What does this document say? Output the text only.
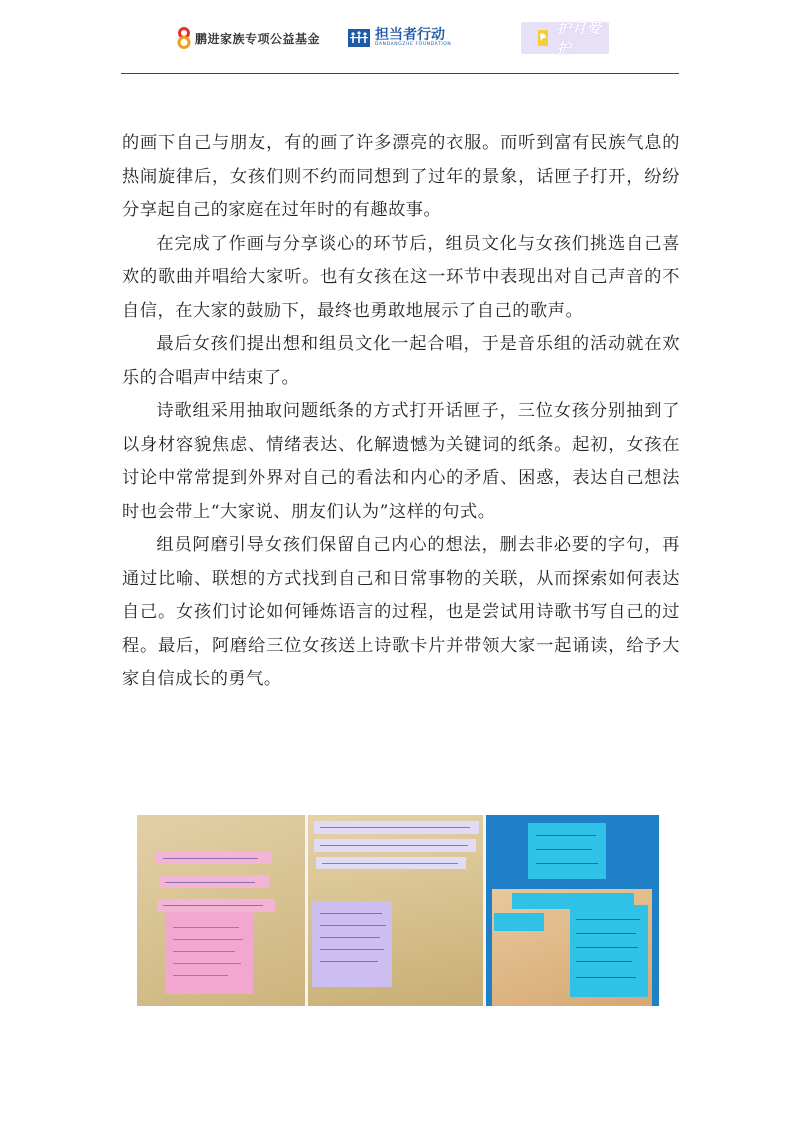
鹏进家族专项公益基金	担当者行动
DANDANGZHE FOUNDATION
护月爱护

的画下自己与朋友，有的画了许多漂亮的衣服。而听到富有民族气息的热闹旋律后，女孩们则不约而同想到了过年的景象，话匣子打开，纷纷分享起自己的家庭在过年时的有趣故事。

在完成了作画与分享谈心的环节后，组员文化与女孩们挑选自己喜欢的歌曲并唱给大家听。也有女孩在这一环节中表现出对自己声音的不自信，在大家的鼓励下，最终也勇敢地展示了自己的歌声。

最后女孩们提出想和组员文化一起合唱，于是音乐组的活动就在欢乐的合唱声中结束了。

诗歌组采用抽取问题纸条的方式打开话匣子，三位女孩分别抽到了以身材容貌焦虑、情绪表达、化解遗憾为关键词的纸条。起初，女孩在讨论中常常提到外界对自己的看法和内心的矛盾、困惑，表达自己想法时也会带上“大家说、朋友们认为”这样的句式。

组员阿磨引导女孩们保留自己内心的想法，删去非必要的字句，再通过比喻、联想的方式找到自己和日常事物的关联，从而探索如何表达自己。女孩们讨论如何锤炼语言的过程，也是尝试用诗歌书写自己的过程。最后，阿磨给三位女孩送上诗歌卡片并带领大家一起诵读，给予大家自信成长的勇气。
